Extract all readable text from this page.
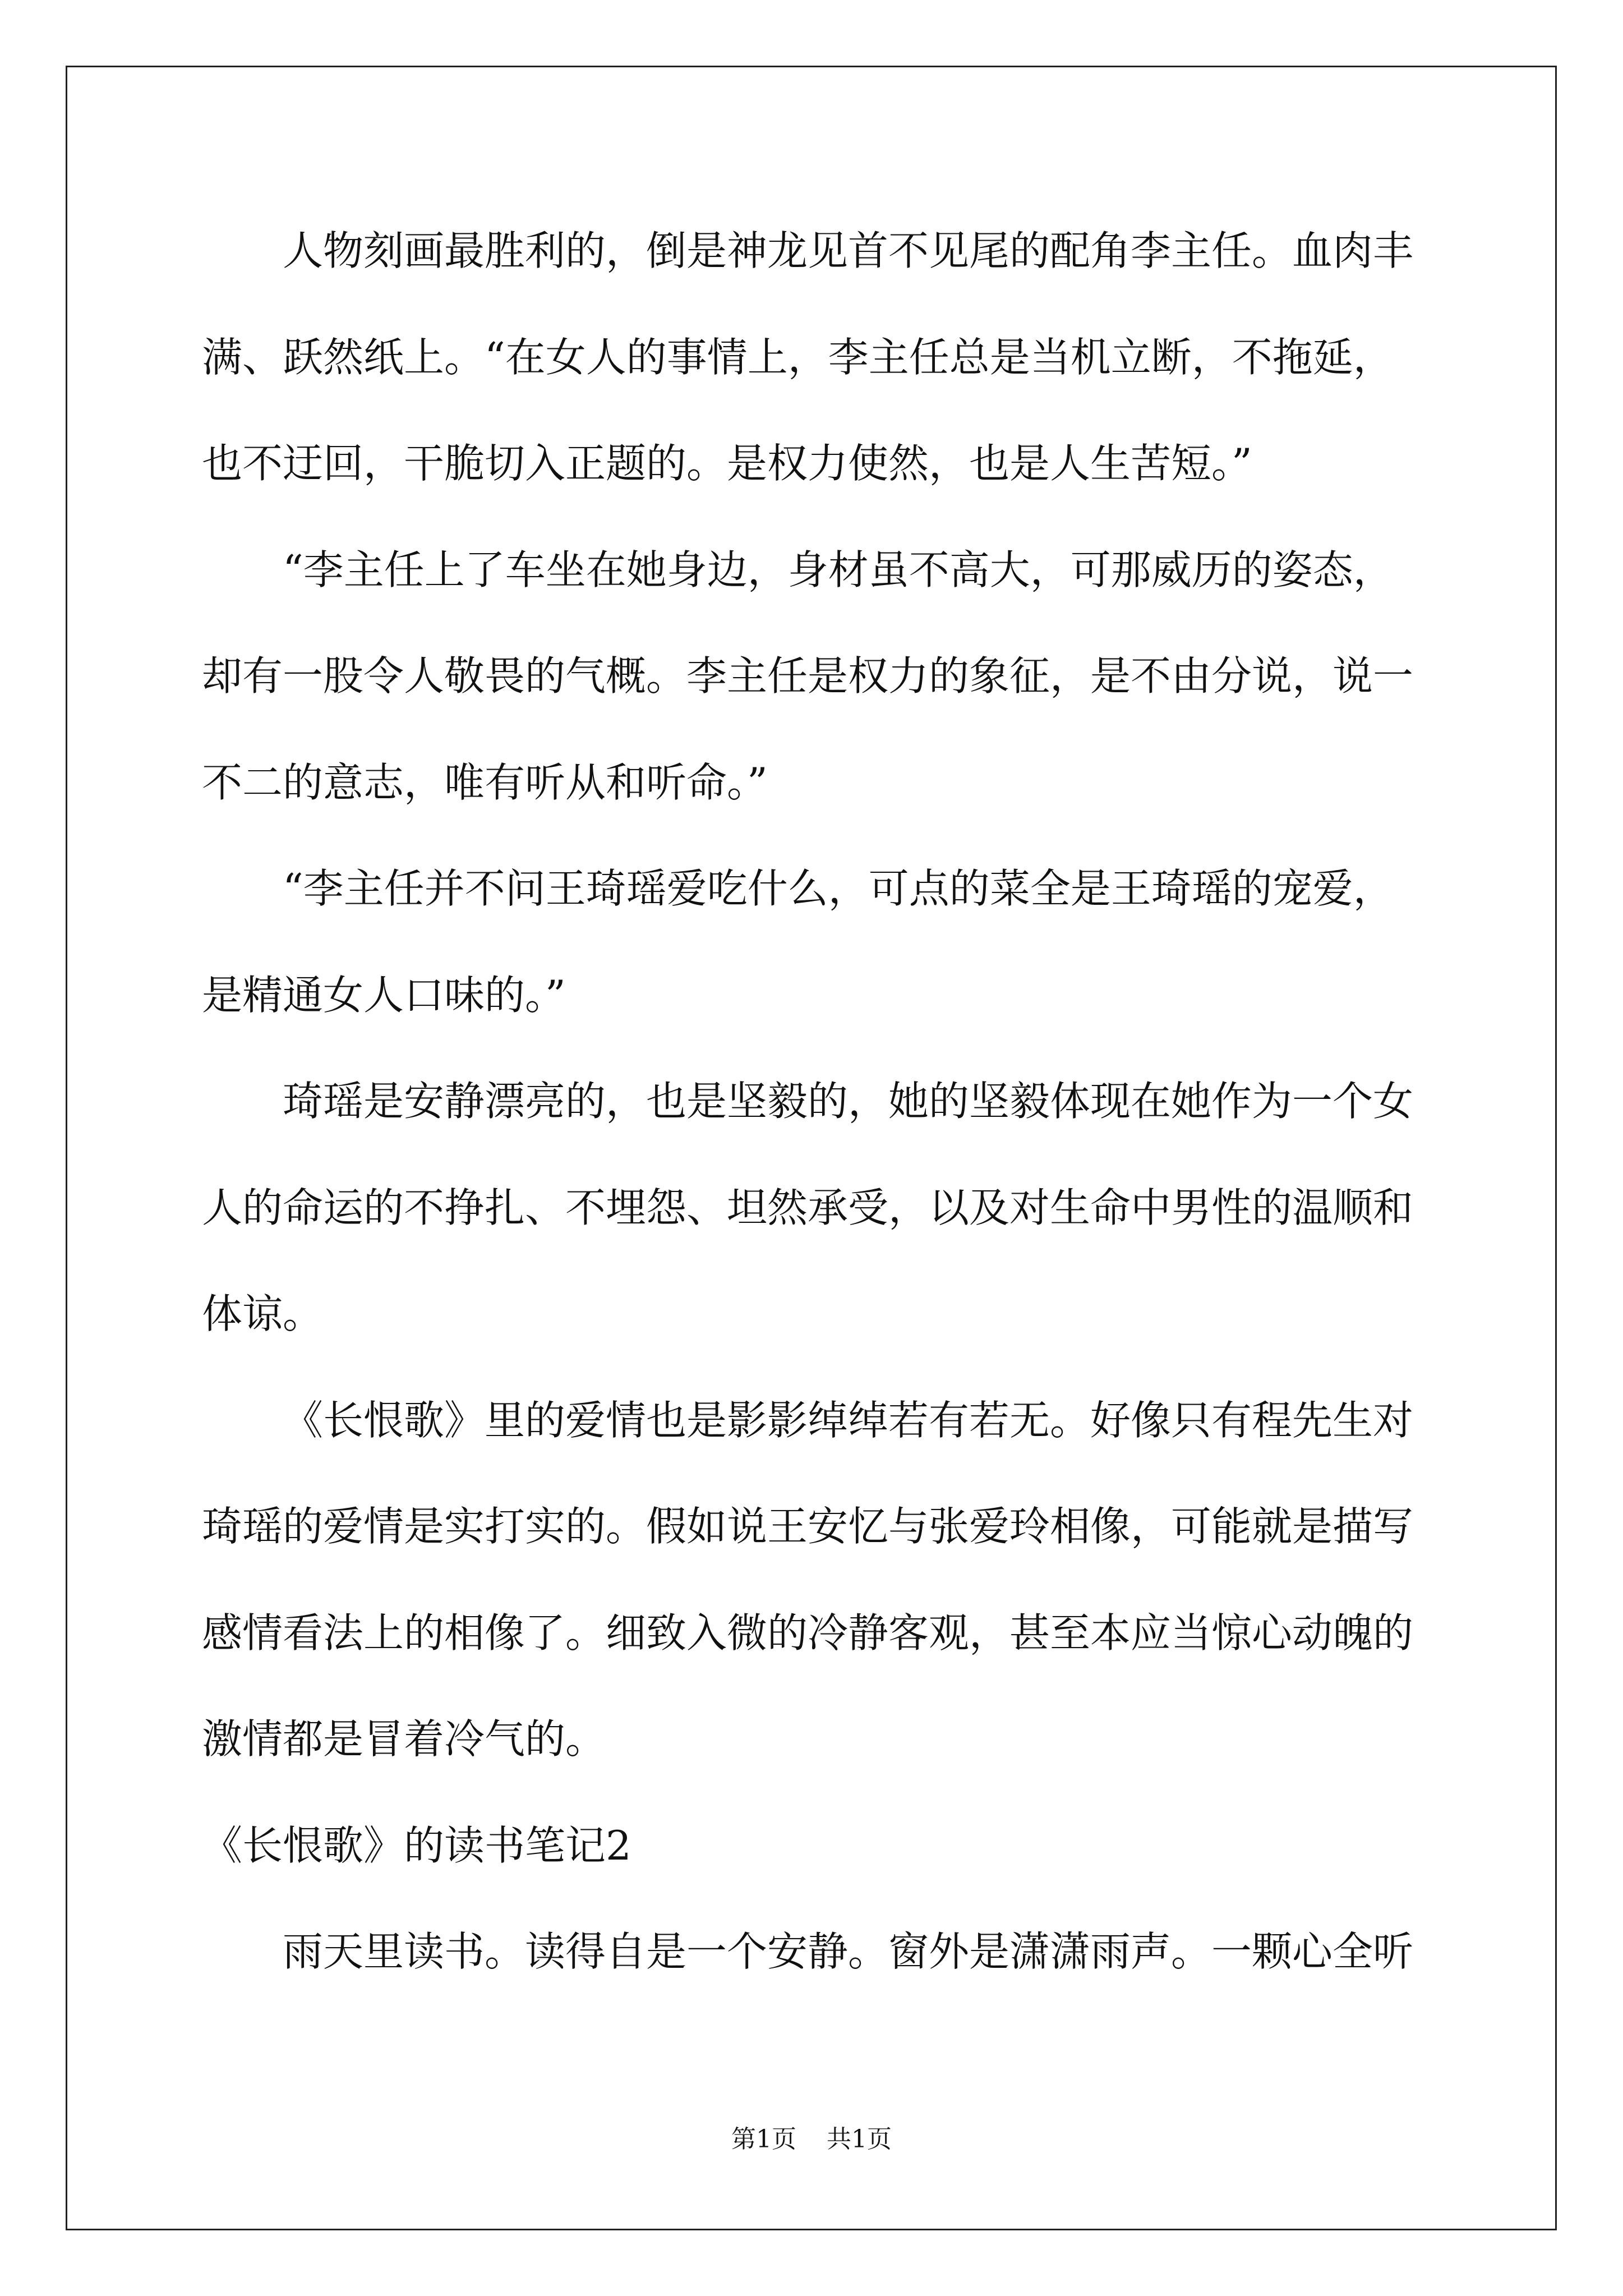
人物刻画最胜利的，倒是神龙见首不见尾的配角李主任。血肉丰
满、跃然纸上。“在女人的事情上，李主任总是当机立断，不拖延，
也不迂回，干脆切入正题的。是权力使然，也是人生苦短。”
“李主任上了车坐在她身边，身材虽不高大，可那威历的姿态，
却有一股令人敬畏的气概。李主任是权力的象征，是不由分说，说一
不二的意志，唯有听从和听命。”
“李主任并不问王琦瑶爱吃什么，可点的菜全是王琦瑶的宠爱，
是精通女人口味的。”
琦瑶是安静漂亮的，也是坚毅的，她的坚毅体现在她作为一个女
人的命运的不挣扎、不埋怨、坦然承受，以及对生命中男性的温顺和
体谅。
《长恨歌》里的爱情也是影影绰绰若有若无。好像只有程先生对
琦瑶的爱情是实打实的。假如说王安忆与张爱玲相像，可能就是描写
感情看法上的相像了。细致入微的冷静客观，甚至本应当惊心动魄的
激情都是冒着冷气的。
《长恨歌》的读书笔记2
雨天里读书。读得自是一个安静。窗外是潇潇雨声。一颗心全听
第1页 共1页
